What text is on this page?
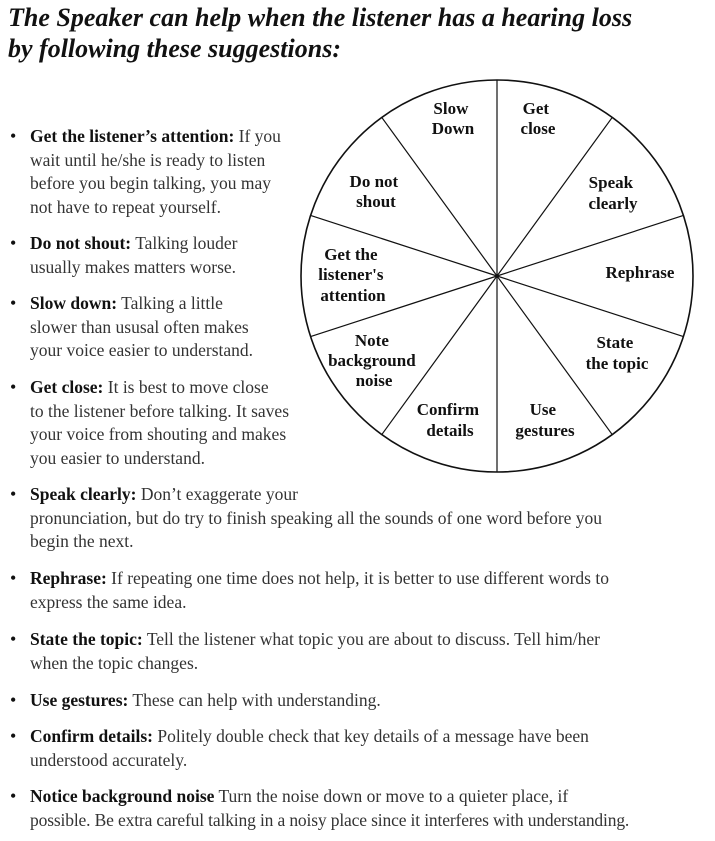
The Speaker can help when the listener has a hearing loss
by following these suggestions:
Slow Down
Get close
Speak clearly
Rephrase
State the topic
Use gestures
Confirm details
Note background noise
Get the listener's attention
Do not shout

• Get the listener’s attention: If you
wait until he/she is ready to listen
before you begin talking, you may
not have to repeat yourself.

• Do not shout: Talking louder
usually makes matters worse.

• Slow down: Talking a little
slower than ususal often makes
your voice easier to understand.

• Get close: It is best to move close
to the listener before talking. It saves
your voice from shouting and makes
you easier to understand.

• Speak clearly: Don’t exaggerate your
pronunciation, but do try to finish speaking all the sounds of one word before you
begin the next.

• Rephrase: If repeating one time does not help, it is better to use different words to
express the same idea.

• State the topic: Tell the listener what topic you are about to discuss. Tell him/her
when the topic changes.

• Use gestures: These can help with understanding.

• Confirm details: Politely double check that key details of a message have been
understood accurately.

• Notice background noise Turn the noise down or move to a quieter place, if
possible. Be extra careful talking in a noisy place since it interferes with understanding.
